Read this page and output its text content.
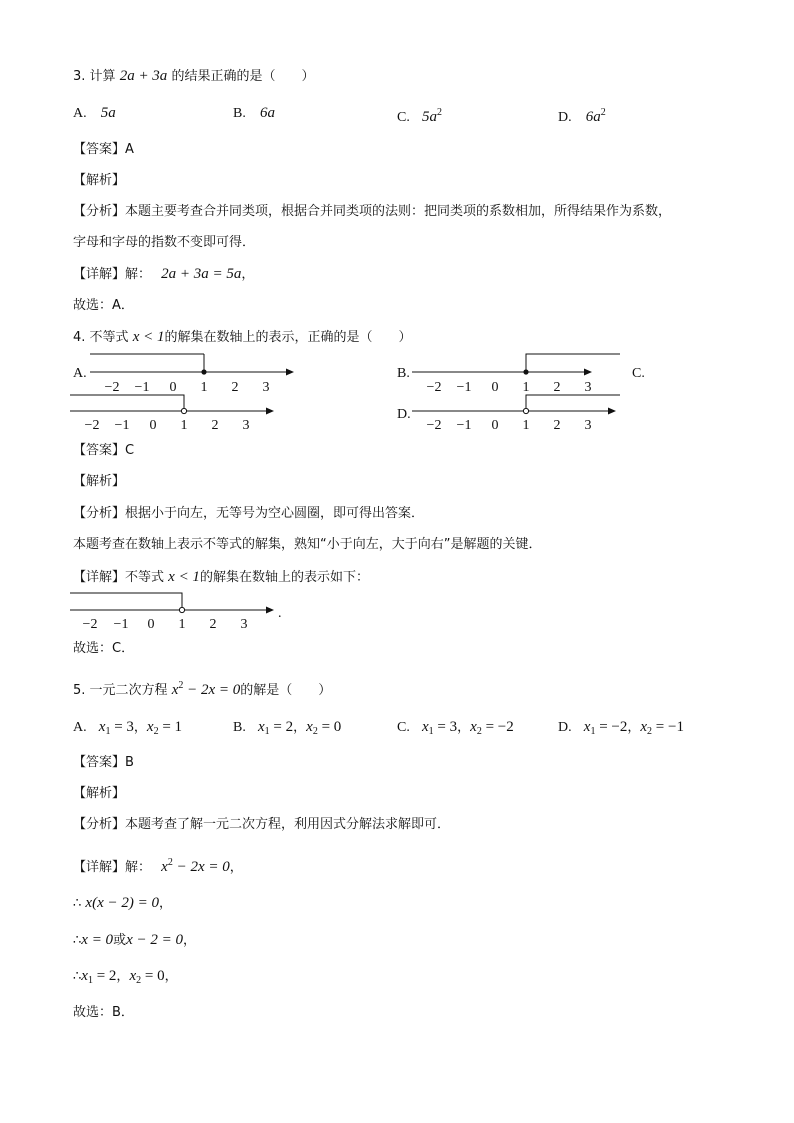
3. 计算 2a + 3a 的结果正确的是（　　）
A. 5a	B. 6a	C. $5a^2$	D. $6a^2$
【答案】A
【解析】
【分析】本题主要考查合并同类项，根据合并同类项的法则：把同类项的系数相加，所得结果作为系数，
字母和字母的指数不变即可得．
【详解】解： 2a + 3a = 5a，
故选：A．
4. 不等式 x < 1的解集在数轴上的表示，正确的是（　　）
A.	B.	C.
D.
−2 −1 0 1 2 3
−2 −1 0 1 2 3
−2 −1 0 1 2 3
−2 −1 0 1 2 3
【答案】C
【解析】
【分析】根据小于向左，无等号为空心圆圈，即可得出答案．
本题考查在数轴上表示不等式的解集，熟知“小于向左，大于向右”是解题的关键．
【详解】不等式 x < 1的解集在数轴上的表示如下：
.
−2 −1 0 1 2 3
故选：C．
5. 一元二次方程 $x^2 - 2x = 0$的解是（　　）
A. $x_1 = 3$，$x_2 = 1$	B. $x_1 = 2$，$x_2 = 0$	C. $x_1 = 3$，$x_2 = -2$	D. $x_1 = -2$，$x_2 = -1$
【答案】B
【解析】
【分析】本题考查了解一元二次方程，利用因式分解法求解即可．
【详解】解： $x^2 - 2x = 0$，
∴ x(x − 2) = 0，
∴x = 0或x − 2 = 0，
$\therefore x_1 = 2$，$x_2 = 0$，
故选：B．
